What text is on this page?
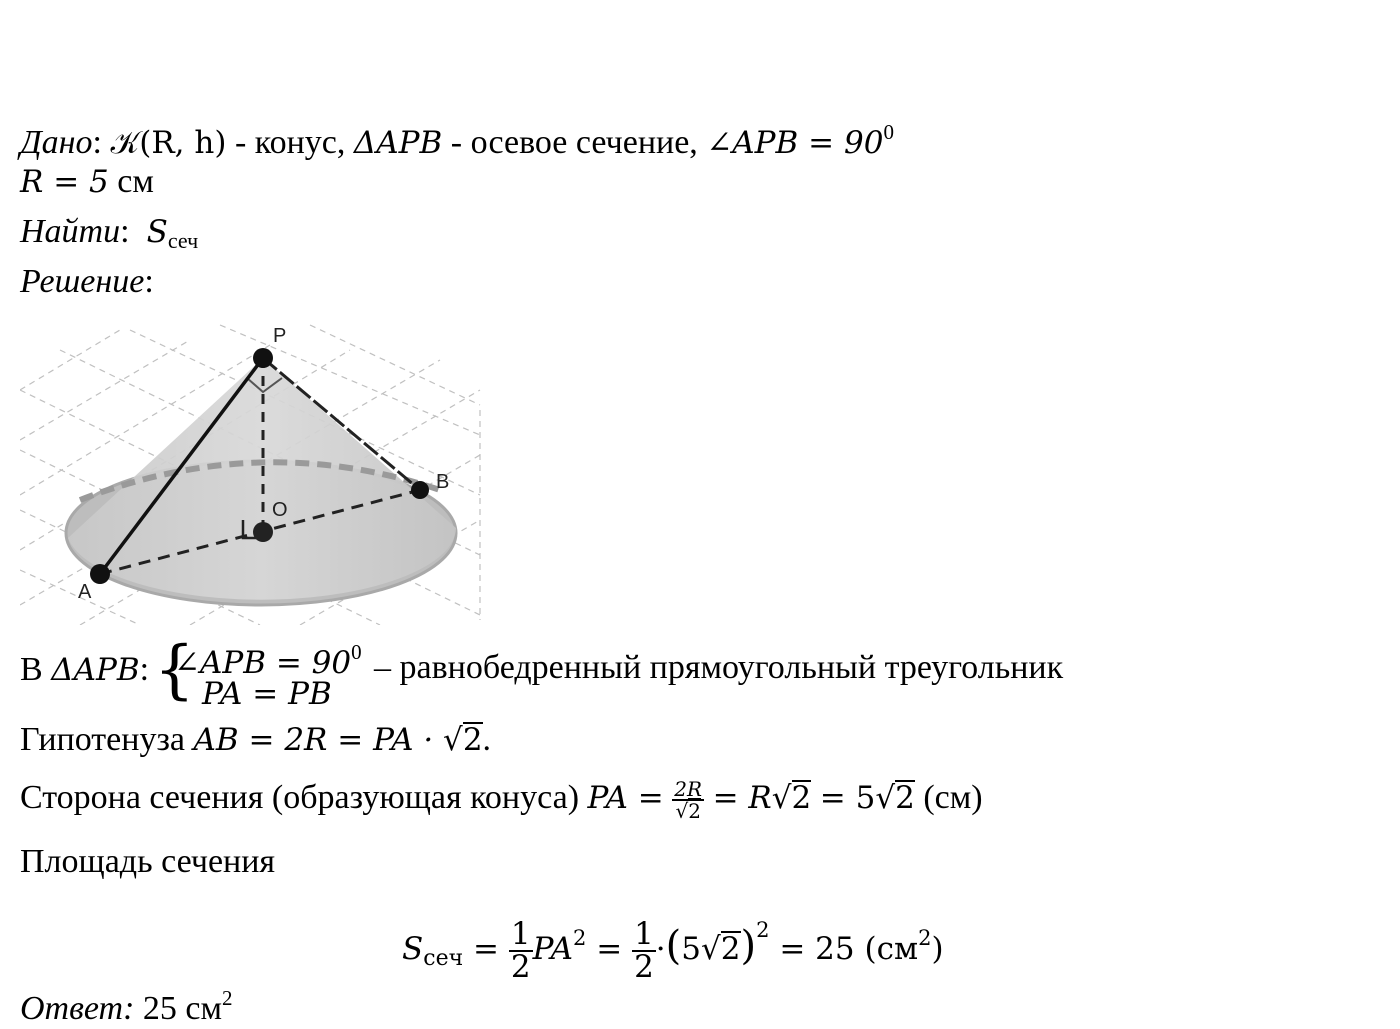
Дано: 𝒦(R, h) - конус, ΔAPB - осевое сечение, ∠APB = $90^0$
R = 5 см
Найти:  $S_{сеч}$
Решение:
P
B
O
A
В ΔAPB: {
∠APB = $90^0$
PA = PB
– равнобедренный прямоугольный треугольник
Гипотенуза AB = 2R = PA · √2.
Сторона сечения (образующая конуса) PA = $\frac{2R}{√2} = R√2 = 5√2$ (см)
Площадь сечения
$S_{сеч} = \frac{1}{2} PA^2 = \frac{1}{2} \cdot(5√2)^2 = 25$ $(см^2)$
Ответ: 25 $см^2$
